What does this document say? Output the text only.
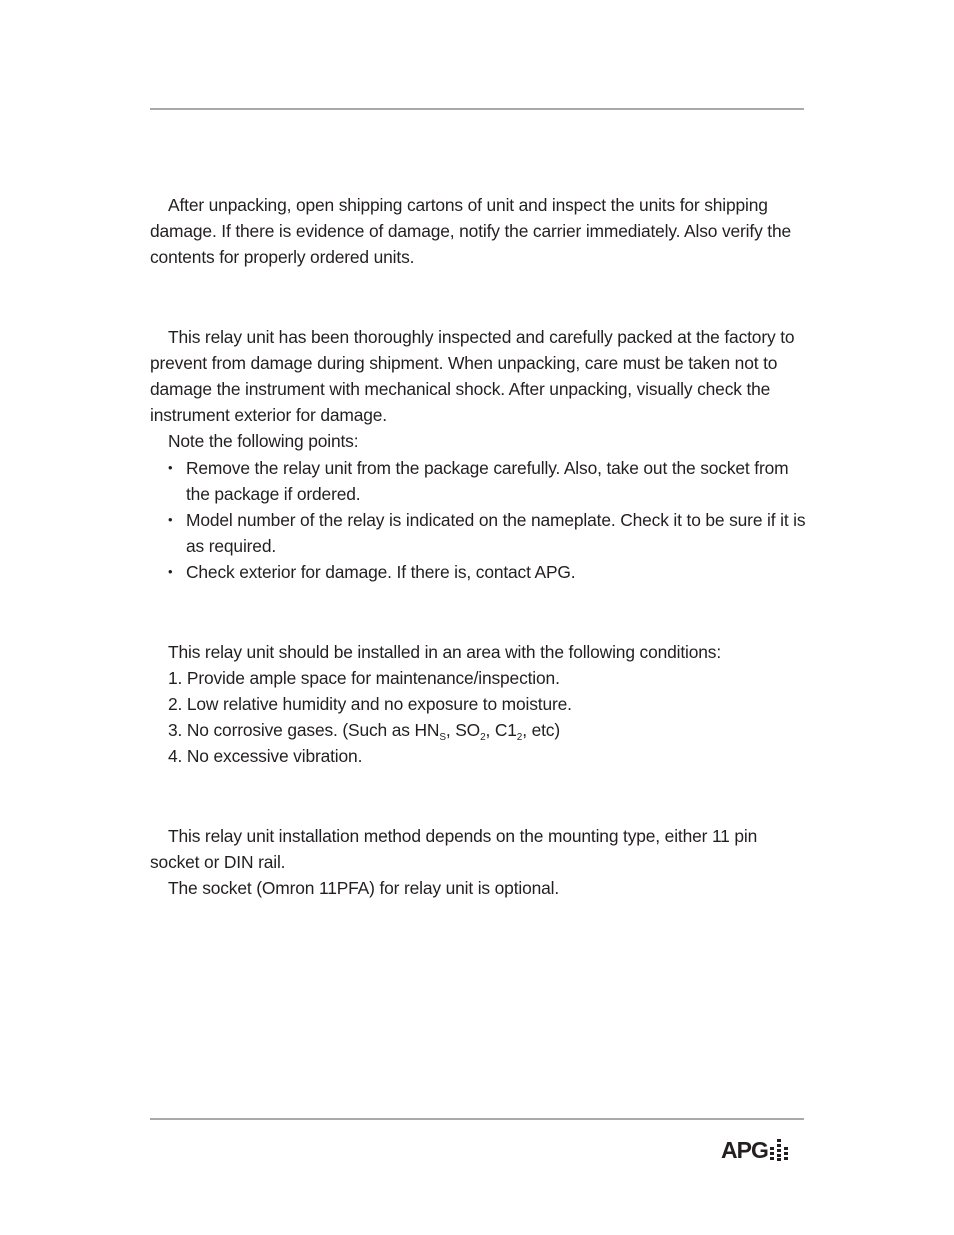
After unpacking, open shipping cartons of unit and inspect the units for shipping damage. If there is evidence of damage, notify the carrier immediately. Also verify the contents for properly ordered units.

This relay unit has been thoroughly inspected and carefully packed at the factory to prevent from damage during shipment. When unpacking, care must be taken not to damage the instrument with mechanical shock. After unpacking, visually check the instrument exterior for damage.

Note the following points:

• Remove the relay unit from the package carefully. Also, take out the socket from the package if ordered.
• Model number of the relay is indicated on the nameplate. Check it to be sure if it is as required.
• Check exterior for damage. If there is, contact APG.

This relay unit should be installed in an area with the following conditions:

1. Provide ample space for maintenance/inspection.

2. Low relative humidity and no exposure to moisture.

3. No corrosive gases. (Such as $HN_S$, $SO_2$, $C1_2$, etc)

4. No excessive vibration.

This relay unit installation method depends on the mounting type, either 11 pin socket or DIN rail.

The socket (Omron 11PFA) for relay unit is optional.

APG
